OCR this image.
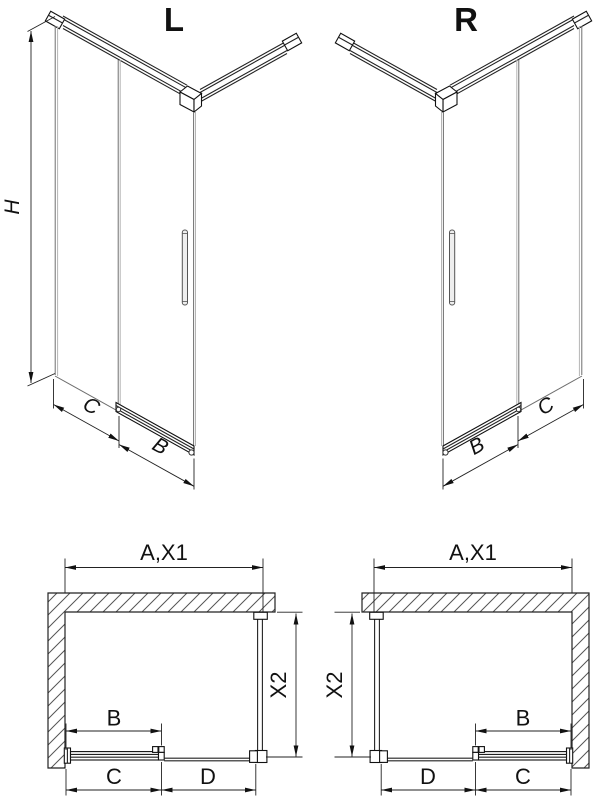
H
L
C
B
R
B
C
A,X1
X2
B
C	D
A,X1
X2
B
D	C
